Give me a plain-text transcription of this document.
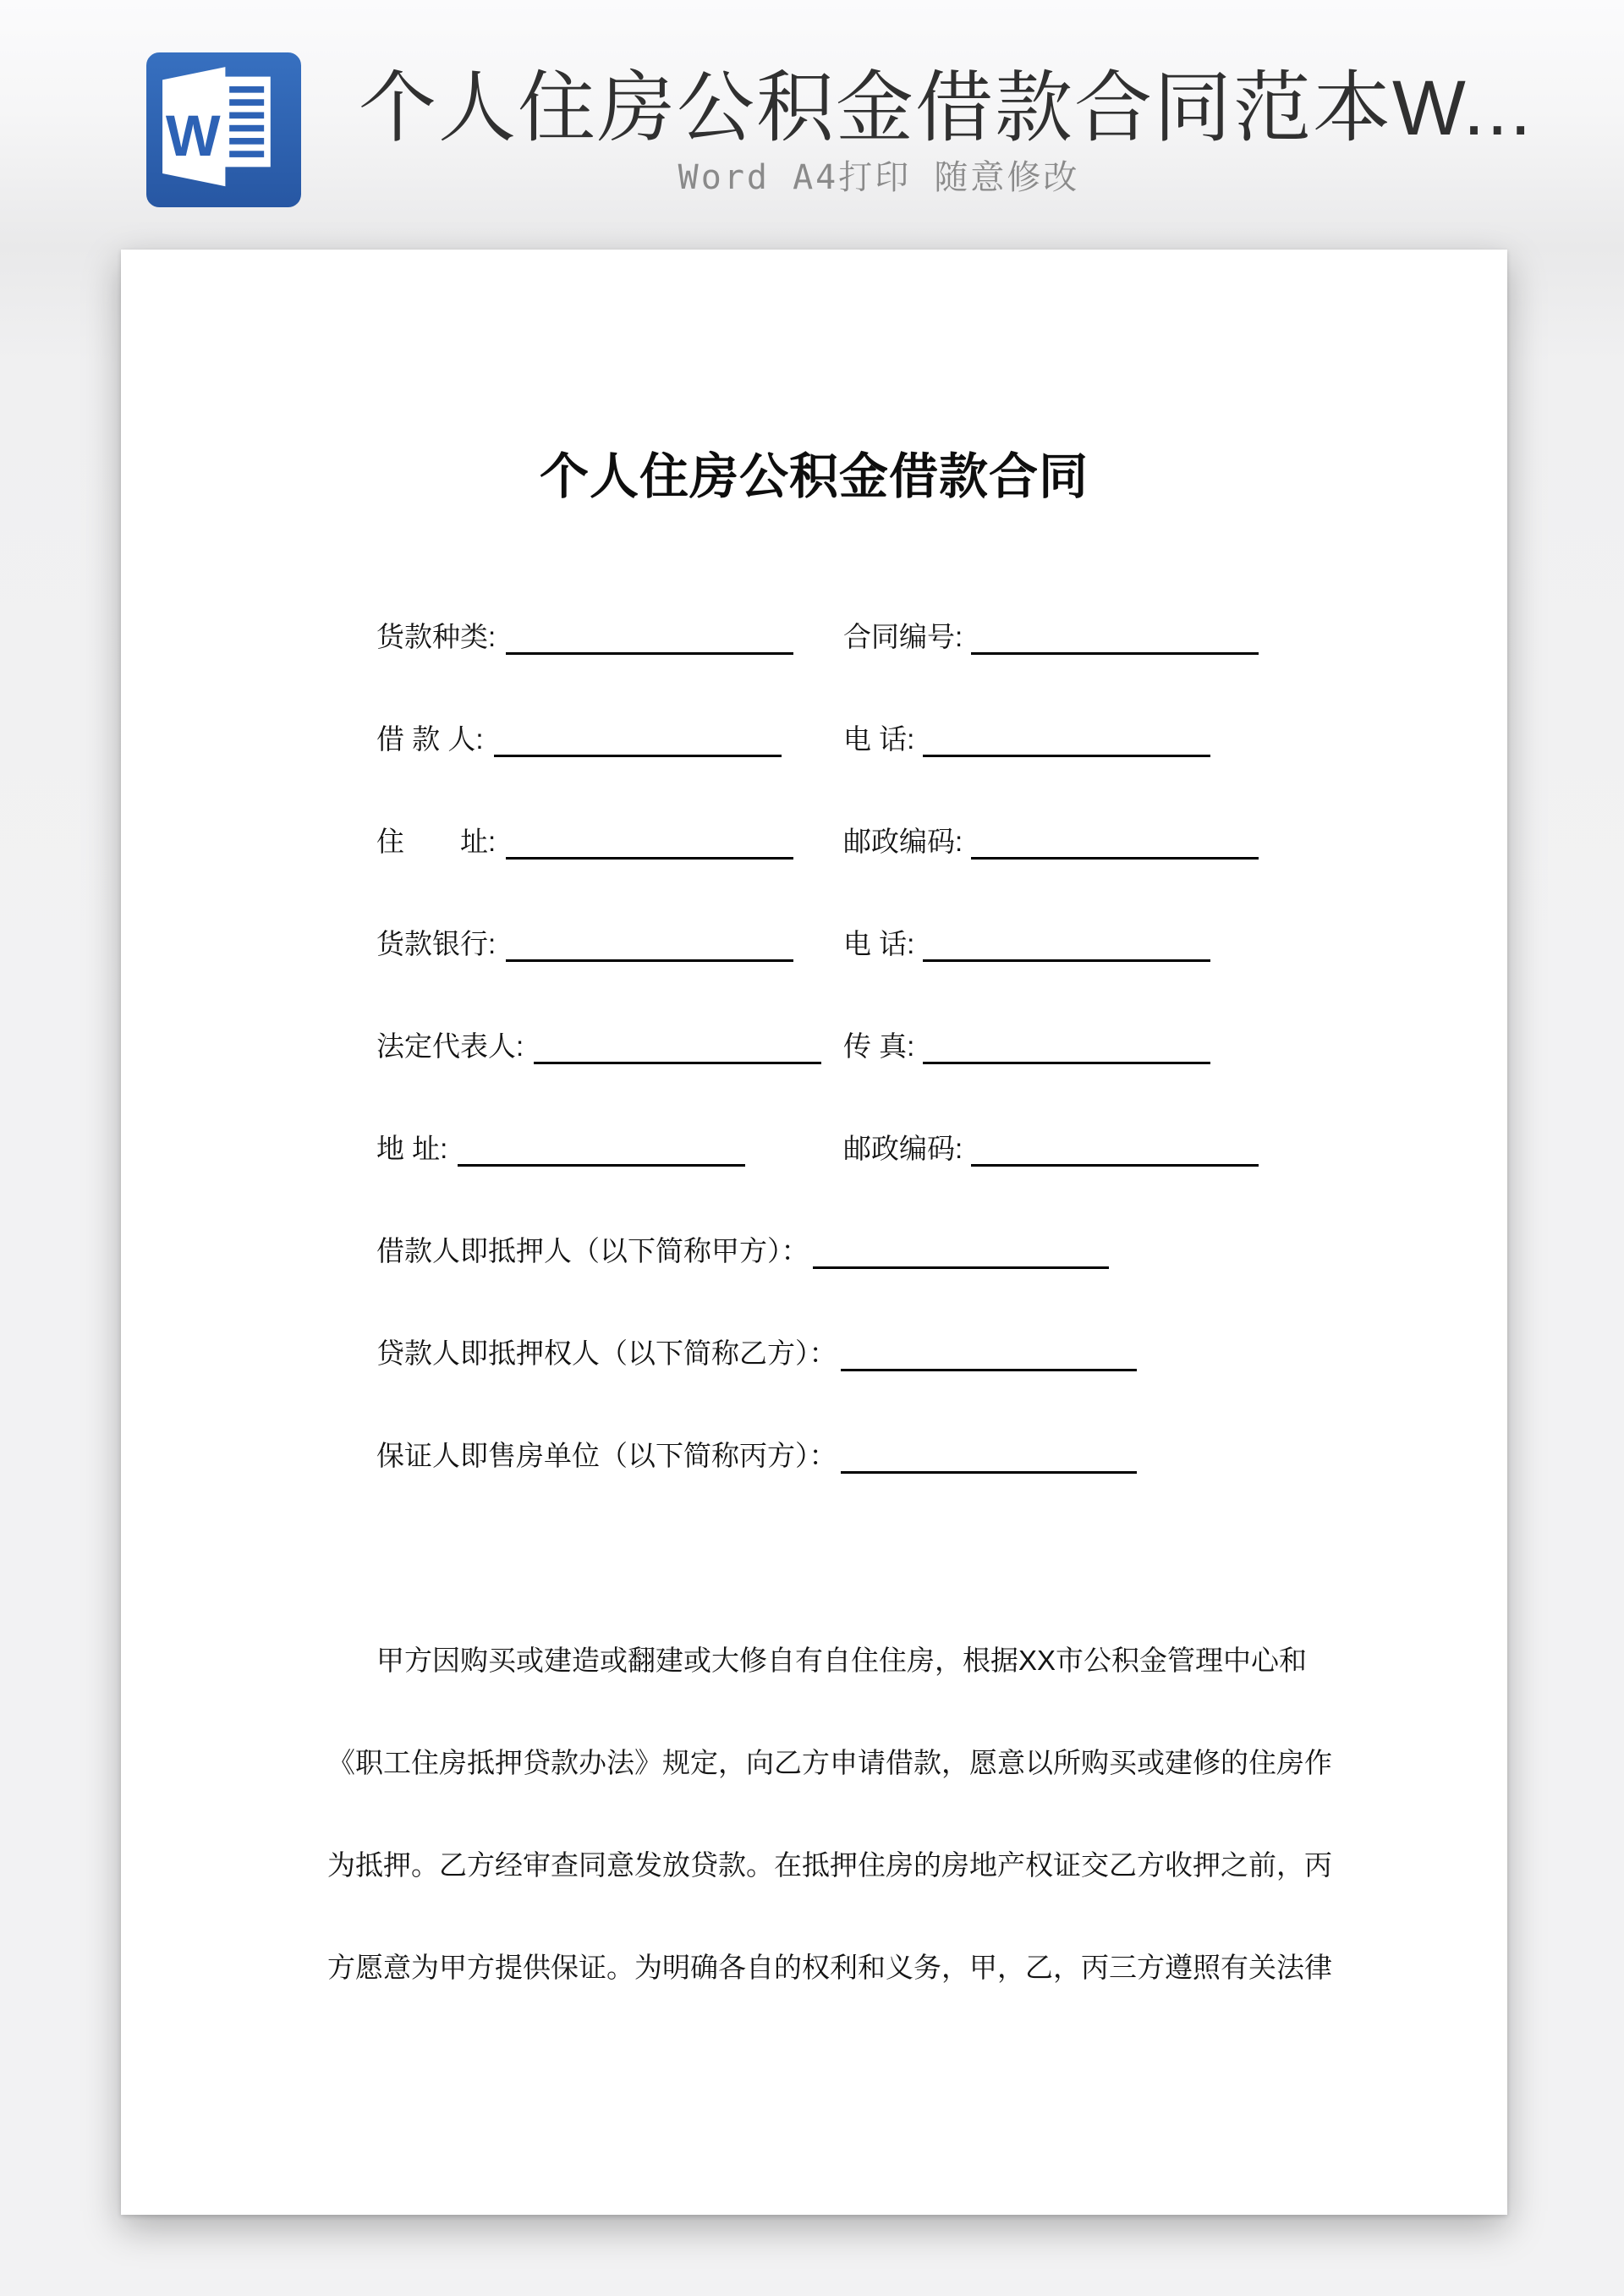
W 个人住房公积金借款合同范本W...
Word A4打印 随意修改
个人住房公积金借款合同
货款种类:	合同编号:
借 款 人:	电 话:
住　　址:	邮政编码:
货款银行:	电 话:
法定代表人:	传 真:
地 址:	邮政编码:
借款人即抵押人（以下简称甲方）：
贷款人即抵押权人（以下简称乙方）：
保证人即售房单位（以下简称丙方）：
甲方因购买或建造或翻建或大修自有自住住房，根据XX市公积金管理中心和
《职工住房抵押贷款办法》规定，向乙方申请借款，愿意以所购买或建修的住房作
为抵押。乙方经审查同意发放贷款。在抵押住房的房地产权证交乙方收押之前，丙
方愿意为甲方提供保证。为明确各自的权利和义务，甲，乙，丙三方遵照有关法律
